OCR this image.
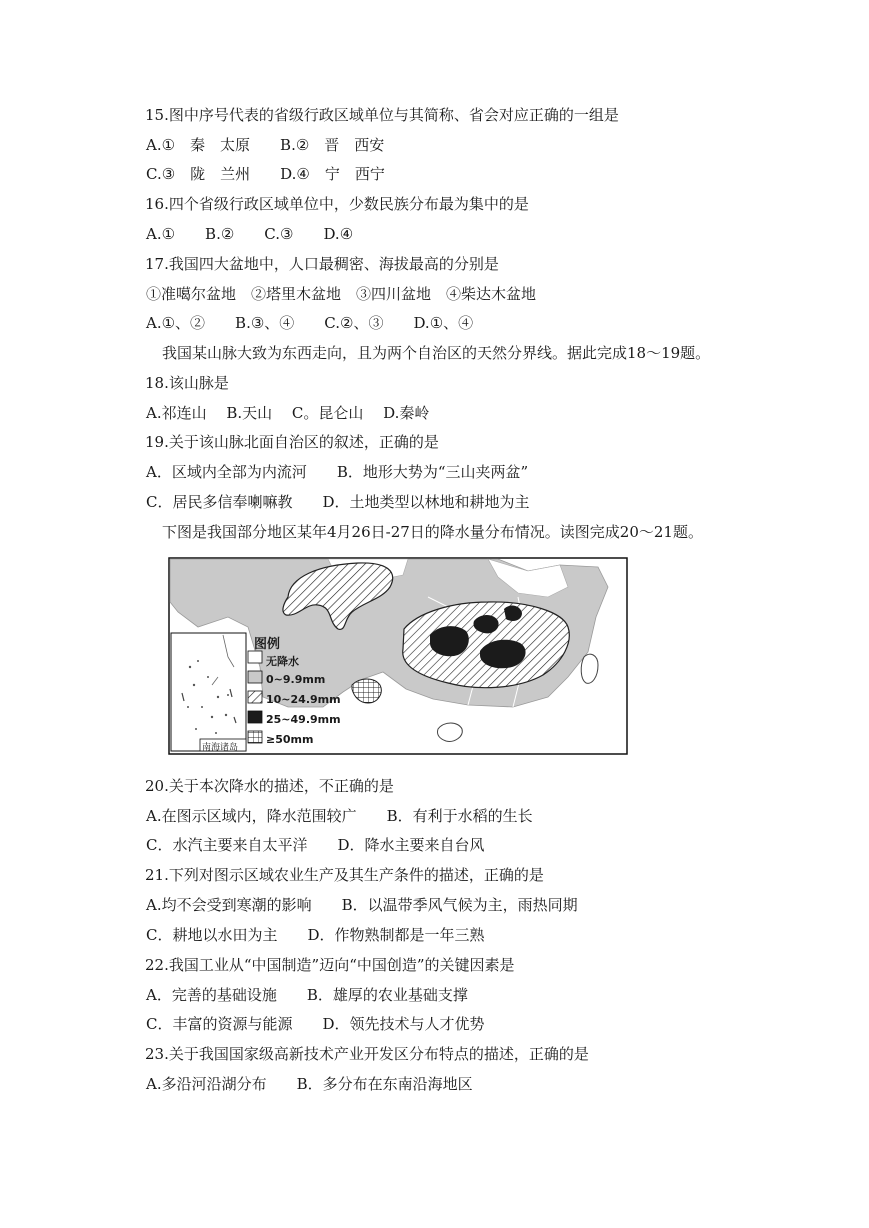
15.图中序号代表的省级行政区域单位与其简称、省会对应正确的一组是
A.①　秦　太原　　B.②　晋　西安
C.③　陇　兰州　　D.④　宁　西宁
16.四个省级行政区域单位中，少数民族分布最为集中的是
A.①　　B.②　　C.③　　D.④
17.我国四大盆地中，人口最稠密、海拔最高的分别是
①准噶尔盆地　②塔里木盆地　③四川盆地　④柴达木盆地
A.①、②　　B.③、④　　C.②、③　　D.①、④
我国某山脉大致为东西走向，且为两个自治区的天然分界线。据此完成18～19题。
18.该山脉是
A.祁连山　 B.天山　 C。昆仑山　 D.秦岭
19.关于该山脉北面自治区的叙述，正确的是
A．区域内全部为内流河　　B．地形大势为“三山夹两盆”
C．居民多信奉喇嘛教　　D．土地类型以林地和耕地为主
下图是我国部分地区某年4月26日-27日的降水量分布情况。读图完成20～21题。
图例
无降水
0~9.9mm
10~24.9mm
25~49.9mm
≥50mm
南海诸岛
20.关于本次降水的描述，不正确的是
A.在图示区域内，降水范围较广　　B．有利于水稻的生长
C．水汽主要来自太平洋　　D．降水主要来自台风
21.下列对图示区域农业生产及其生产条件的描述，正确的是
A.均不会受到寒潮的影响　　B．以温带季风气候为主，雨热同期
C．耕地以水田为主　　D．作物熟制都是一年三熟
22.我国工业从“中国制造”迈向“中国创造”的关键因素是
A．完善的基础设施　　B．雄厚的农业基础支撑
C．丰富的资源与能源　　D．领先技术与人才优势
23.关于我国国家级高新技术产业开发区分布特点的描述，正确的是
A.多沿河沿湖分布　　B．多分布在东南沿海地区
